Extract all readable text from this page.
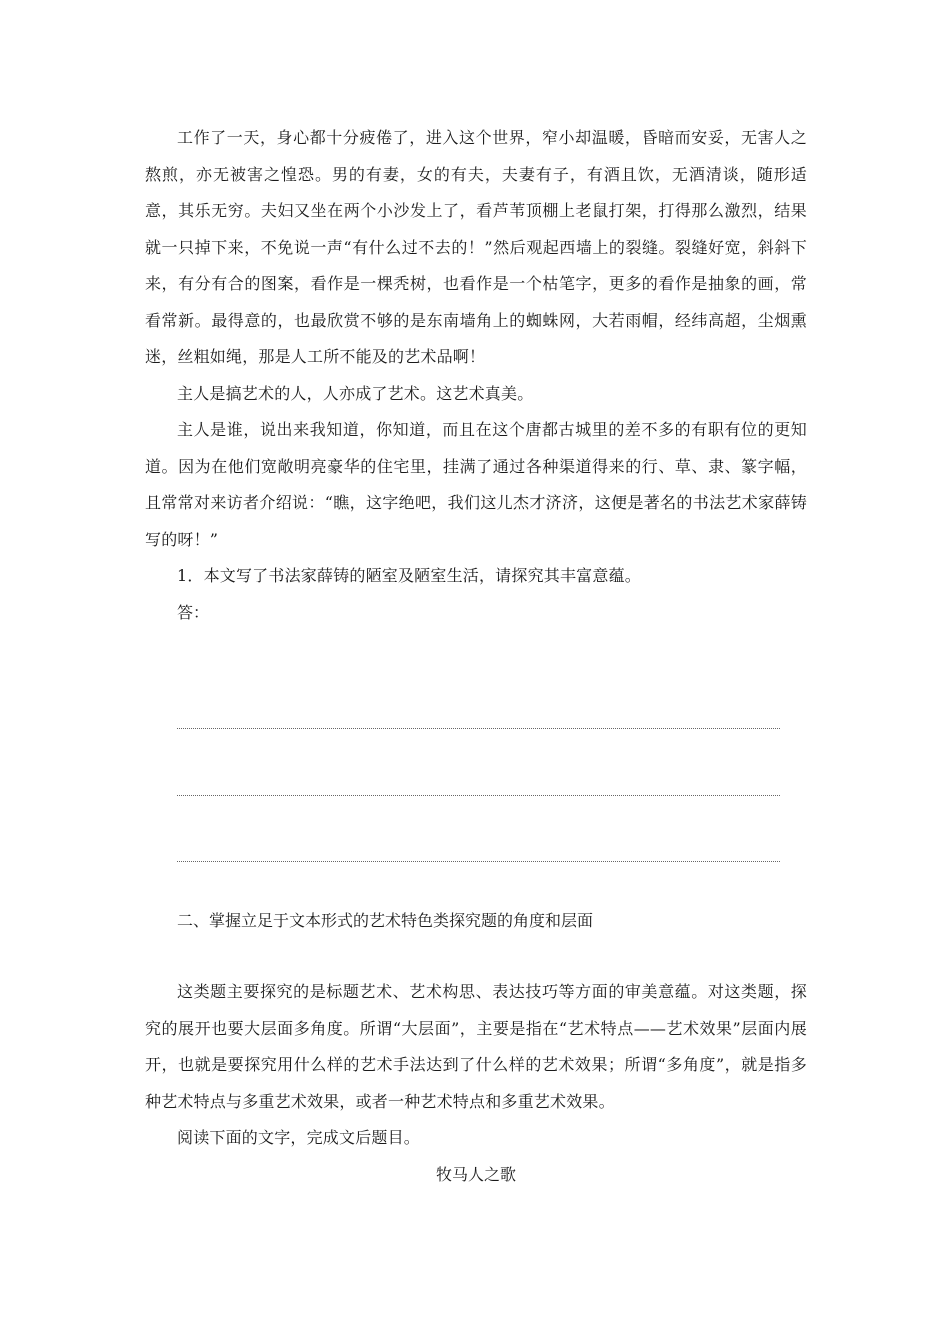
工作了一天，身心都十分疲倦了，进入这个世界，窄小却温暖，昏暗而安妥，无害人之熬煎，亦无被害之惶恐。男的有妻，女的有夫，夫妻有子，有酒且饮，无酒清谈，随形适意，其乐无穷。夫妇又坐在两个小沙发上了，看芦苇顶棚上老鼠打架，打得那么激烈，结果就一只掉下来，不免说一声“有什么过不去的！”然后观起西墙上的裂缝。裂缝好宽，斜斜下来，有分有合的图案，看作是一棵秃树，也看作是一个枯笔字，更多的看作是抽象的画，常看常新。最得意的，也最欣赏不够的是东南墙角上的蜘蛛网，大若雨帽，经纬高超，尘烟熏迷，丝粗如绳，那是人工所不能及的艺术品啊！

主人是搞艺术的人，人亦成了艺术。这艺术真美。

主人是谁，说出来我知道，你知道，而且在这个唐都古城里的差不多的有职有位的更知道。因为在他们宽敞明亮豪华的住宅里，挂满了通过各种渠道得来的行、草、隶、篆字幅，且常常对来访者介绍说：“瞧，这字绝吧，我们这儿杰才济济，这便是著名的书法艺术家薛铸写的呀！”

1．本文写了书法家薛铸的陋室及陋室生活，请探究其丰富意蕴。

答：

二、掌握立足于文本形式的艺术特色类探究题的角度和层面

这类题主要探究的是标题艺术、艺术构思、表达技巧等方面的审美意蕴。对这类题，探究的展开也要大层面多角度。所谓“大层面”，主要是指在“艺术特点——艺术效果”层面内展开，也就是要探究用什么样的艺术手法达到了什么样的艺术效果；所谓“多角度”，就是指多种艺术特点与多重艺术效果，或者一种艺术特点和多重艺术效果。

阅读下面的文字，完成文后题目。

牧马人之歌
